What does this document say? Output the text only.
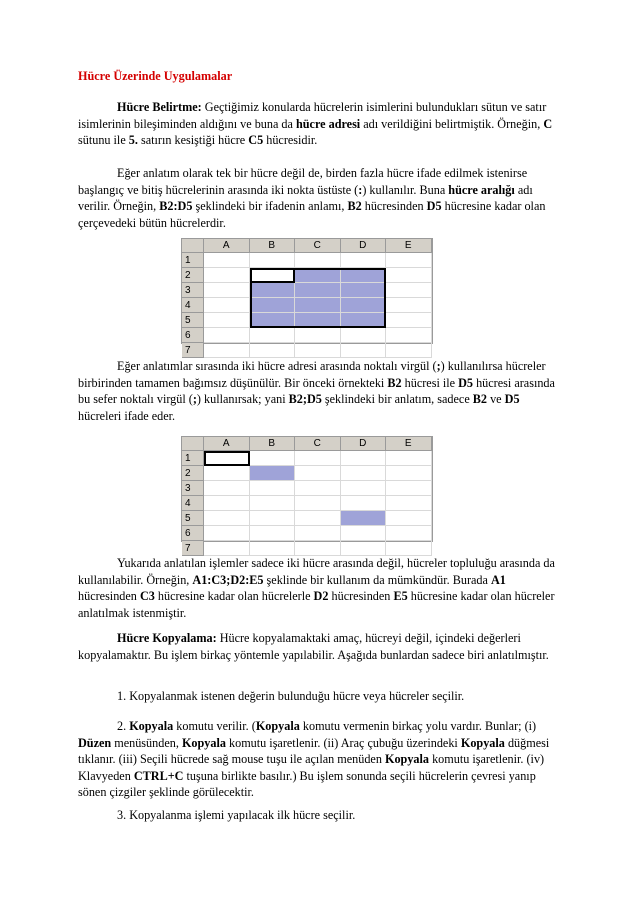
Hücre Üzerinde Uygulamalar

Hücre Belirtme: Geçtiğimiz konularda hücrelerin isimlerini bulundukları sütun ve satır isimlerinin bileşiminden aldığını ve buna da hücre adresi adı verildiğini belirtmiştik. Örneğin, C sütunu ile 5. satırın kesiştiği hücre C5 hücresidir.

Eğer anlatım olarak tek bir hücre değil de, birden fazla hücre ifade edilmek istenirse başlangıç ve bitiş hücrelerinin arasında iki nokta üstüste (:) kullanılır. Buna hücre aralığı adı verilir. Örneğin, B2:D5 şeklindeki bir ifadenin anlamı, B2 hücresinden D5 hücresine kadar olan çerçevedeki bütün hücrelerdir.

A	B	C	D	E
1
2
3
4
5
6
7

Eğer anlatımlar sırasında iki hücre adresi arasında noktalı virgül (;) kullanılırsa hücreler birbirinden tamamen bağımsız düşünülür. Bir önceki örnekteki B2 hücresi ile D5 hücresi arasında bu sefer noktalı virgül (;) kullanırsak; yani B2;D5 şeklindeki bir anlatım, sadece B2 ve D5 hücreleri ifade eder.

A	B	C	D	E
1
2
3
4
5
6
7

Yukarıda anlatılan işlemler sadece iki hücre arasında değil, hücreler topluluğu arasında da kullanılabilir. Örneğin, A1:C3;D2:E5 şeklinde bir kullanım da mümkündür. Burada A1 hücresinden C3 hücresine kadar olan hücrelerle D2 hücresinden E5 hücresine kadar olan hücreler anlatılmak istenmiştir.

Hücre Kopyalama: Hücre kopyalamaktaki amaç, hücreyi değil, içindeki değerleri kopyalamaktır. Bu işlem birkaç yöntemle yapılabilir. Aşağıda bunlardan sadece biri anlatılmıştır.

1. Kopyalanmak istenen değerin bulunduğu hücre veya hücreler seçilir.

2. Kopyala komutu verilir. (Kopyala komutu vermenin birkaç yolu vardır. Bunlar; (i) Düzen menüsünden, Kopyala komutu işaretlenir. (ii) Araç çubuğu üzerindeki Kopyala düğmesi tıklanır. (iii) Seçili hücrede sağ mouse tuşu ile açılan menüden Kopyala komutu işaretlenir. (iv) Klavyeden CTRL+C tuşuna birlikte basılır.) Bu işlem sonunda seçili hücrelerin çevresi yanıp sönen çizgiler şeklinde görülecektir.

3. Kopyalanma işlemi yapılacak ilk hücre seçilir.
